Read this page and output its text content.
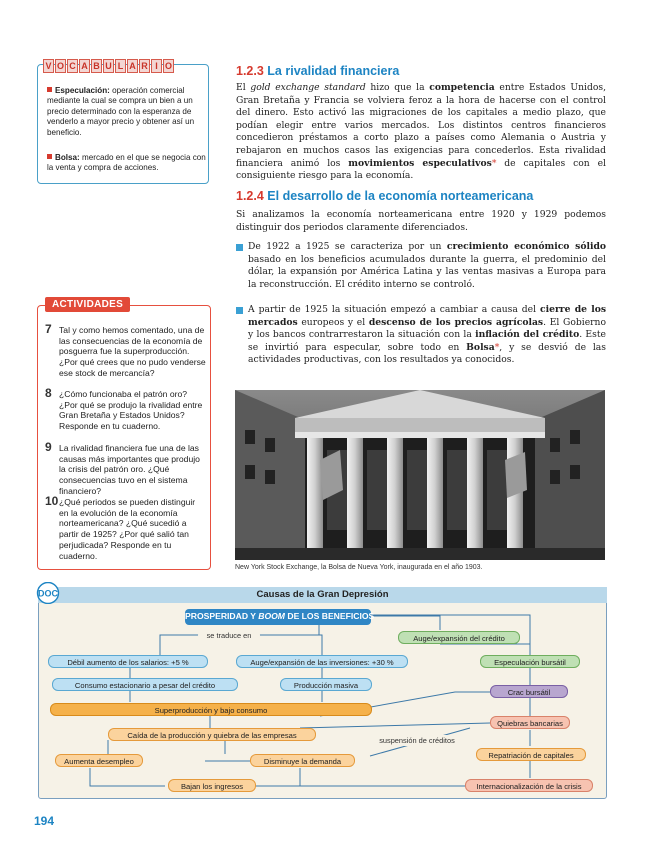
V O C A B U L A R I O
Especulación: operación comercial mediante la cual se compra un bien a un precio determinado con la esperanza de venderlo a mayor precio y obtener así un beneficio.
Bolsa: mercado en el que se negocia con la venta y compra de acciones.
ACTIVIDADES
7 Tal y como hemos comentado, una de las consecuencias de la economía de posguerra fue la superproducción. ¿Por qué crees que no pudo venderse ese stock de mercancía?
8 ¿Cómo funcionaba el patrón oro? ¿Por qué se produjo la rivalidad entre Gran Bretaña y Estados Unidos? Responde en tu cuaderno.
9 La rivalidad financiera fue una de las causas más importantes que produjo la crisis del patrón oro. ¿Qué consecuencias tuvo en el sistema financiero?
10 ¿Qué periodos se pueden distinguir en la evolución de la economía norteamericana? ¿Qué sucedió a partir de 1925? ¿Por qué salió tan perjudicada? Responde en tu cuaderno.
1.2.3 La rivalidad financiera
El gold exchange standard hizo que la competencia entre Estados Unidos, Gran Bretaña y Francia se volviera feroz a la hora de hacerse con el control del dinero. Esto activó las migraciones de los capitales a medio plazo, que podían elegir entre varios mercados. Los distintos centros financieros concedieron préstamos a corto plazo a países como Alemania o Austria y rebajaron en muchos casos las exigencias para concederlos. Esta rivalidad financiera animó los movimientos especulativos* de capitales con el consiguiente riesgo para la economía.
1.2.4 El desarrollo de la economía norteamericana
Si analizamos la economía norteamericana entre 1920 y 1929 podemos distinguir dos periodos claramente diferenciados.
De 1922 a 1925 se caracteriza por un crecimiento económico sólido basado en los beneficios acumulados durante la guerra, el predominio del dólar, la expansión por América Latina y las ventas masivas a Europa para la reconstrucción. El crédito interno se controló.
A partir de 1925 la situación empezó a cambiar a causa del cierre de los mercados europeos y el descenso de los precios agrícolas. El Gobierno y los bancos contrarrestaron la situación con la inflación del crédito. Este se invirtió para especular, sobre todo en Bolsa*, y se desvió de las actividades productivas, con los resultados ya conocidos.
New York Stock Exchange, la Bolsa de Nueva York, inaugurada en el año 1903.
Causas de la Gran Depresión
DOC
PROSPERIDAD Y BOOM DE LOS BENEFICIOS
se traduce en	Auge/expansión del crédito
Débil aumento de los salarios: +5 %	Auge/expansión de las inversiones: +30 %	Especulación bursátil
Consumo estacionario a pesar del crédito	Producción masiva
Crac bursátil
Superproducción y bajo consumo
Quiebras bancarias
Caída de la producción y quiebra de las empresas
suspensión de créditos
Aumenta desempleo	Disminuye la demanda
Repatriación de capitales
Bajan los ingresos	Internacionalización de la crisis
194
